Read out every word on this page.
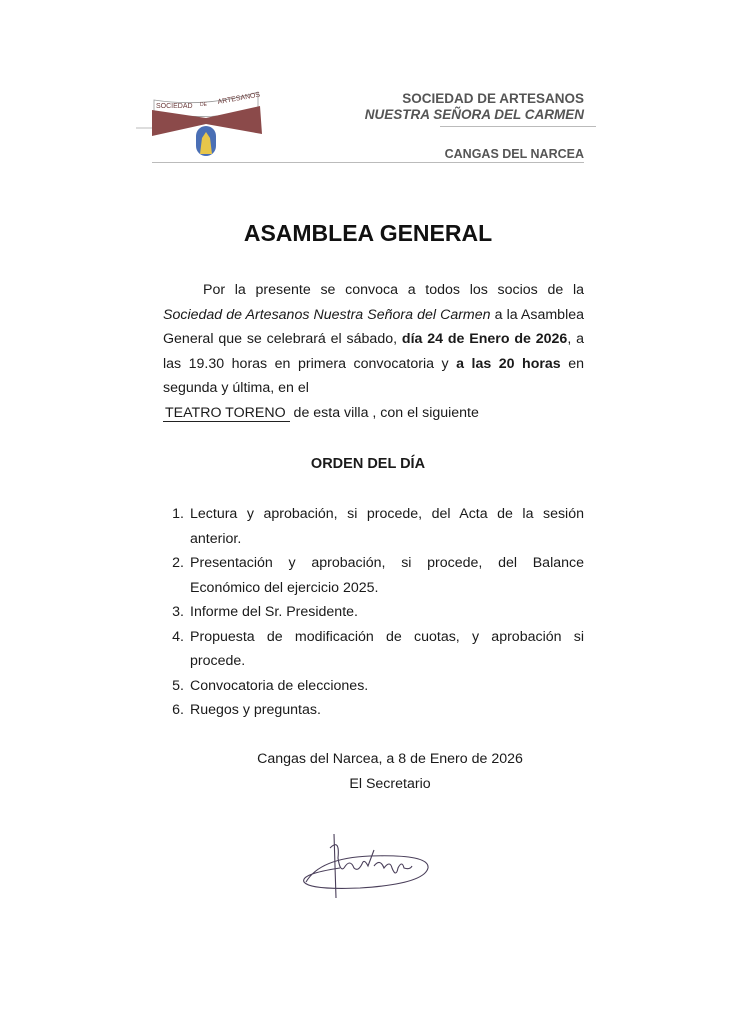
SOCIEDAD DE ARTESANOS	SOCIEDAD DE ARTESANOS
NUESTRA SEÑORA DEL CARMEN
CANGAS DEL NARCEA
ASAMBLEA GENERAL

Por la presente se convoca a todos los socios de la Sociedad de Artesanos Nuestra Señora del Carmen a la Asamblea General que se celebrará el sábado, día 24 de Enero de 2026, a las 19.30 horas en primera convocatoria y a las 20 horas en segunda y última, en el

TEATRO TORENO de esta villa , con el siguiente

ORDEN DEL DÍA
1. Lectura y aprobación, si procede, del Acta de la sesión anterior.
2. Presentación y aprobación, si procede, del Balance Económico del ejercicio 2025.
3. Informe del Sr. Presidente.
4. Propuesta de modificación de cuotas, y aprobación si procede.
5. Convocatoria de elecciones.
6. Ruegos y preguntas.
Cangas del Narcea, a 8 de Enero de 2026
El Secretario
